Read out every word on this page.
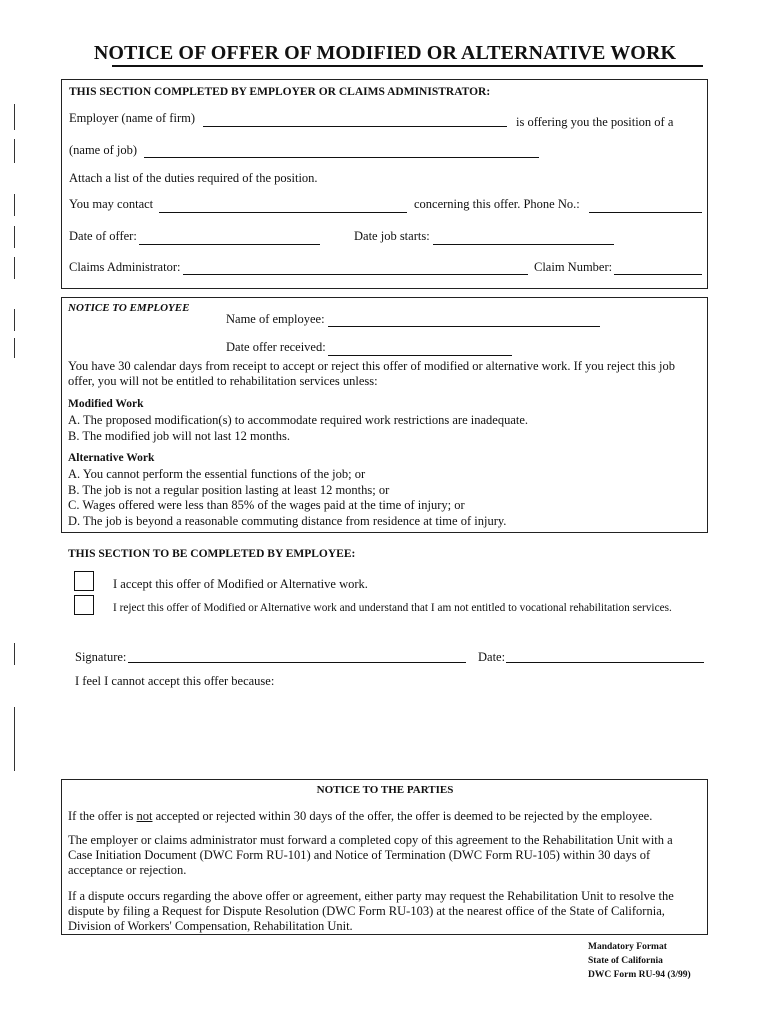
NOTICE OF OFFER OF MODIFIED OR ALTERNATIVE WORK
THIS SECTION COMPLETED BY EMPLOYER OR CLAIMS ADMINISTRATOR:
Employer (name of firm)	is offering you the position of a
(name of job)
Attach a list of the duties required of the position.
You may contact	concerning this offer. Phone No.:
Date of offer:	Date job starts:
Claims Administrator:	Claim Number:
NOTICE TO EMPLOYEE
Name of employee:
Date offer received:
You have 30 calendar days from receipt to accept or reject this offer of modified or alternative work. If you reject this job offer, you will not be entitled to rehabilitation services unless:
Modified Work
A. The proposed modification(s) to accommodate required work restrictions are inadequate.
B. The modified job will not last 12 months.
Alternative Work
A. You cannot perform the essential functions of the job; or
B. The job is not a regular position lasting at least 12 months; or
C. Wages offered were less than 85% of the wages paid at the time of injury; or
D. The job is beyond a reasonable commuting distance from residence at time of injury.
THIS SECTION TO BE COMPLETED BY EMPLOYEE:
I accept this offer of Modified or Alternative work.
I reject this offer of Modified or Alternative work and understand that I am not entitled to vocational rehabilitation services.
Signature:	Date:
I feel I cannot accept this offer because:
NOTICE TO THE PARTIES
If the offer is not accepted or rejected within 30 days of the offer, the offer is deemed to be rejected by the employee.
The employer or claims administrator must forward a completed copy of this agreement to the Rehabilitation Unit with a Case Initiation Document (DWC Form RU-101) and Notice of Termination (DWC Form RU-105) within 30 days of acceptance or rejection.
If a dispute occurs regarding the above offer or agreement, either party may request the Rehabilitation Unit to resolve the dispute by filing a Request for Dispute Resolution (DWC Form RU-103) at the nearest office of the State of California, Division of Workers' Compensation, Rehabilitation Unit.
Mandatory Format
State of California
DWC Form RU-94 (3/99)
